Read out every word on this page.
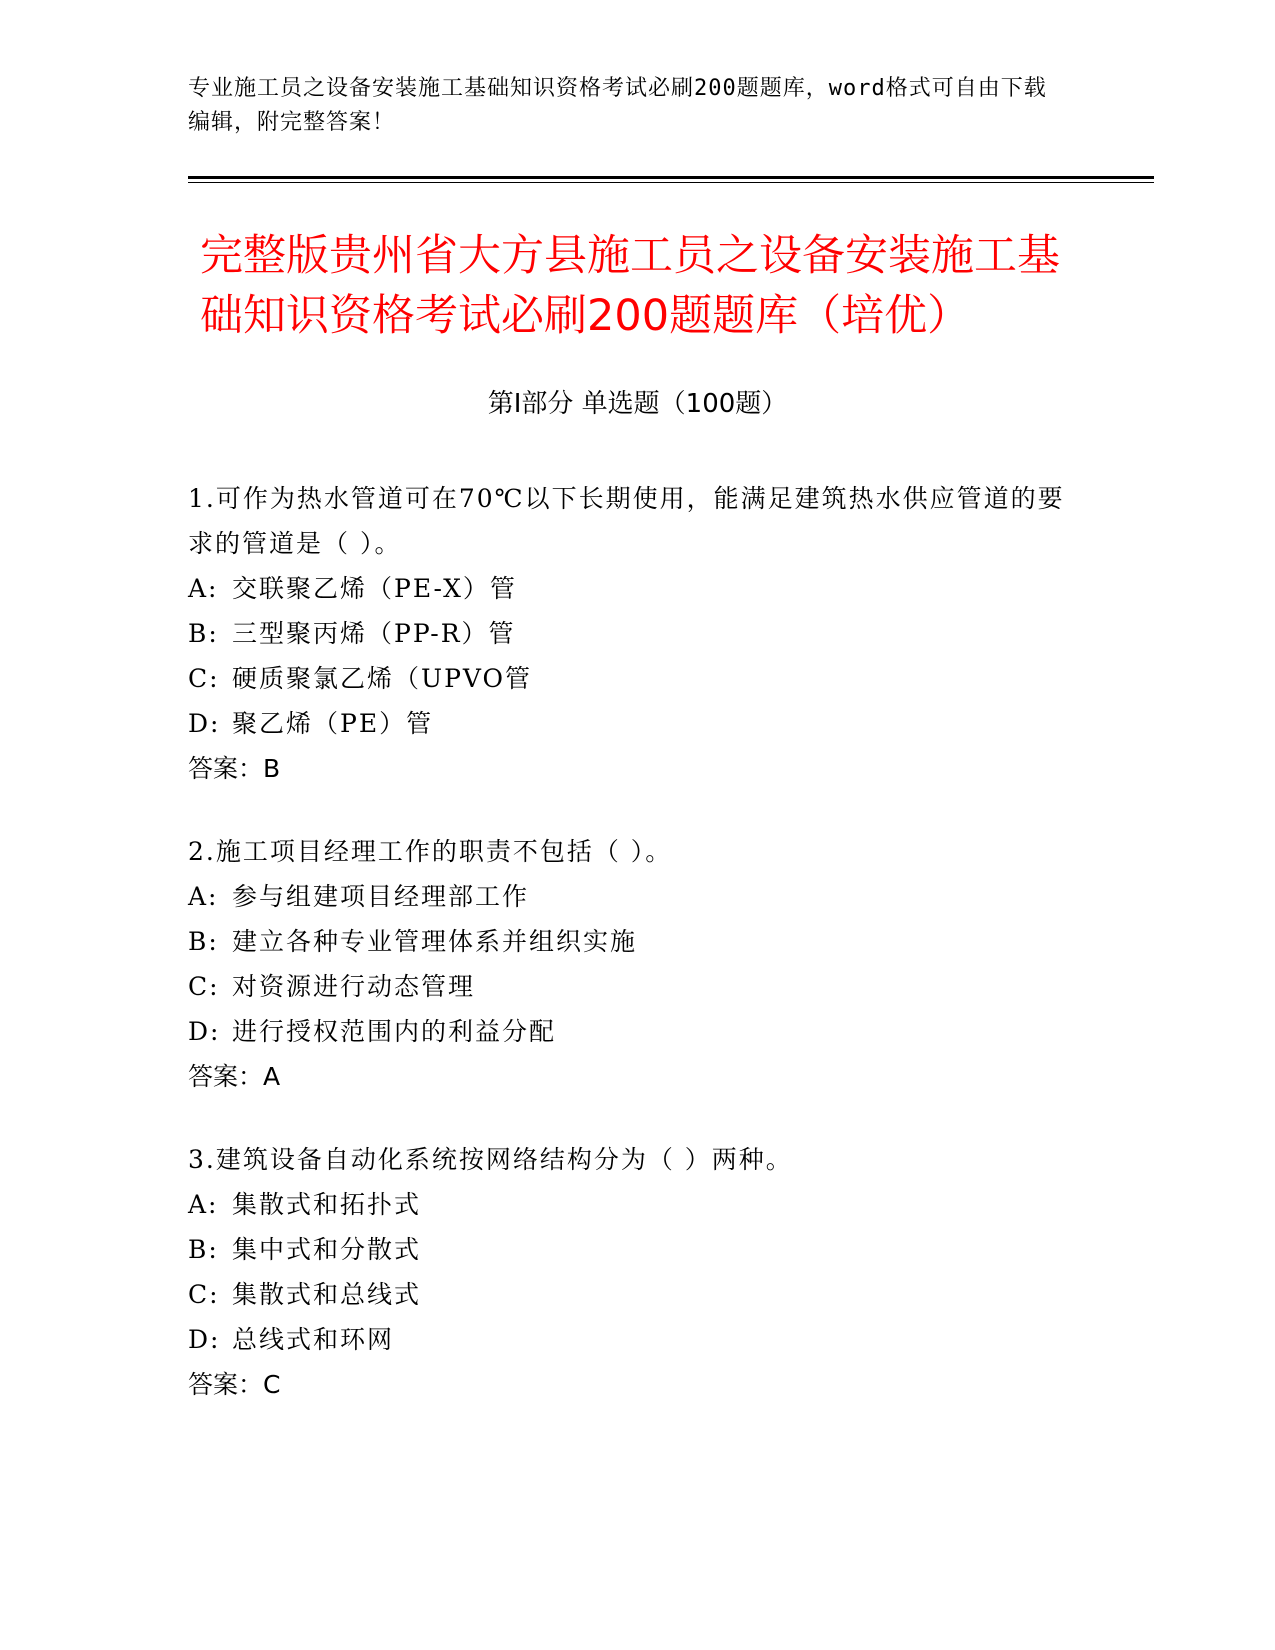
专业施工员之设备安装施工基础知识资格考试必刷200题题库，word格式可自由下载编辑，附完整答案！
完整版贵州省大方县施工员之设备安装施工基础知识资格考试必刷200题题库（培优）
第Ⅰ部分 单选题（100题）
1.可作为热水管道可在70℃以下长期使用，能满足建筑热水供应管道的要求的管道是（ ）。
A: 交联聚乙烯（PE-X）管
B: 三型聚丙烯（PP-R）管
C: 硬质聚氯乙烯（UPVO管
D: 聚乙烯（PE）管
答案：B
2.施工项目经理工作的职责不包括（ ）。
A: 参与组建项目经理部工作
B: 建立各种专业管理体系并组织实施
C: 对资源进行动态管理
D: 进行授权范围内的利益分配
答案：A
3.建筑设备自动化系统按网络结构分为（ ）两种。
A: 集散式和拓扑式
B: 集中式和分散式
C: 集散式和总线式
D: 总线式和环网
答案：C
